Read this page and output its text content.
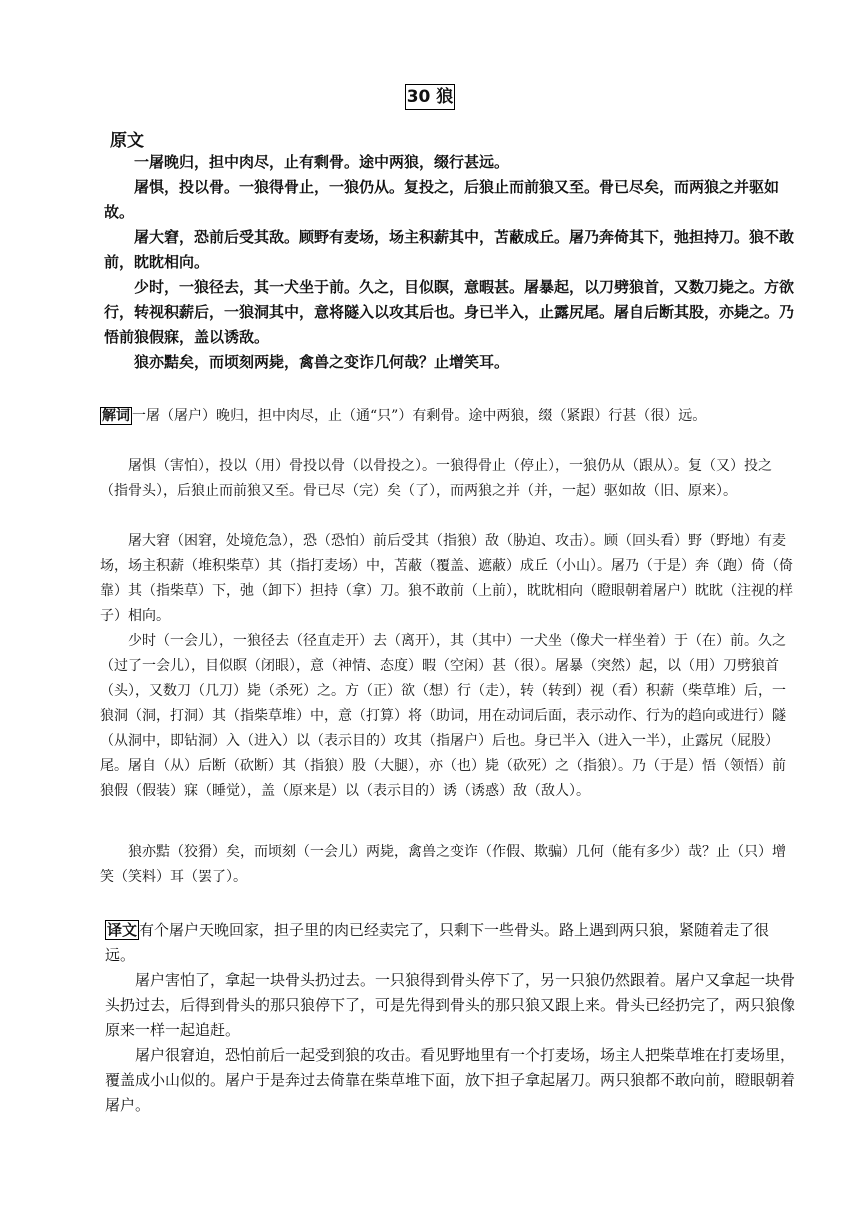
30 狼
原文

一屠晚归，担中肉尽，止有剩骨。途中两狼，缀行甚远。

屠惧，投以骨。一狼得骨止，一狼仍从。复投之，后狼止而前狼又至。骨已尽矣，而两狼之并驱如故。

屠大窘，恐前后受其敌。顾野有麦场，场主积薪其中，苫蔽成丘。屠乃奔倚其下，弛担持刀。狼不敢前，眈眈相向。

少时，一狼径去，其一犬坐于前。久之，目似瞑，意暇甚。屠暴起，以刀劈狼首，又数刀毙之。方欲行，转视积薪后，一狼洞其中，意将隧入以攻其后也。身已半入，止露尻尾。屠自后断其股，亦毙之。乃悟前狼假寐，盖以诱敌。

狼亦黠矣，而顷刻两毙，禽兽之变诈几何哉？止增笑耳。

解词 一屠（屠户）晚归，担中肉尽，止（通“只”）有剩骨。途中两狼，缀（紧跟）行甚（很）远。

屠惧（害怕），投以（用）骨投以骨（以骨投之）。一狼得骨止（停止），一狼仍从（跟从）。复（又）投之（指骨头），后狼止而前狼又至。骨已尽（完）矣（了），而两狼之并（并，一起）驱如故（旧、原来）。

屠大窘（困窘，处境危急），恐（恐怕）前后受其（指狼）敌（胁迫、攻击）。顾（回头看）野（野地）有麦场，场主积薪（堆积柴草）其（指打麦场）中，苫蔽（覆盖、遮蔽）成丘（小山）。屠乃（于是）奔（跑）倚（倚靠）其（指柴草）下，弛（卸下）担持（拿）刀。狼不敢前（上前），眈眈相向（瞪眼朝着屠户）眈眈（注视的样子）相向。

少时（一会儿），一狼径去（径直走开）去（离开），其（其中）一犬坐（像犬一样坐着）于（在）前。久之（过了一会儿），目似瞑（闭眼），意（神情、态度）暇（空闲）甚（很）。屠暴（突然）起，以（用）刀劈狼首（头），又数刀（几刀）毙（杀死）之。方（正）欲（想）行（走），转（转到）视（看）积薪（柴草堆）后，一狼洞（洞，打洞）其（指柴草堆）中，意（打算）将（助词，用在动词后面，表示动作、行为的趋向或进行）隧（从洞中，即钻洞）入（进入）以（表示目的）攻其（指屠户）后也。身已半入（进入一半），止露尻（屁股）尾。屠自（从）后断（砍断）其（指狼）股（大腿），亦（也）毙（砍死）之（指狼）。乃（于是）悟（领悟）前狼假（假装）寐（睡觉），盖（原来是）以（表示目的）诱（诱惑）敌（敌人）。

狼亦黠（狡猾）矣，而顷刻（一会儿）两毙，禽兽之变诈（作假、欺骗）几何（能有多少）哉？止（只）增笑（笑料）耳（罢了）。

译文 有个屠户天晚回家，担子里的肉已经卖完了，只剩下一些骨头。路上遇到两只狼，紧随着走了很远。

屠户害怕了，拿起一块骨头扔过去。一只狼得到骨头停下了，另一只狼仍然跟着。屠户又拿起一块骨头扔过去，后得到骨头的那只狼停下了，可是先得到骨头的那只狼又跟上来。骨头已经扔完了，两只狼像原来一样一起追赶。

屠户很窘迫，恐怕前后一起受到狼的攻击。看见野地里有一个打麦场，场主人把柴草堆在打麦场里，覆盖成小山似的。屠户于是奔过去倚靠在柴草堆下面，放下担子拿起屠刀。两只狼都不敢向前，瞪眼朝着屠户。
